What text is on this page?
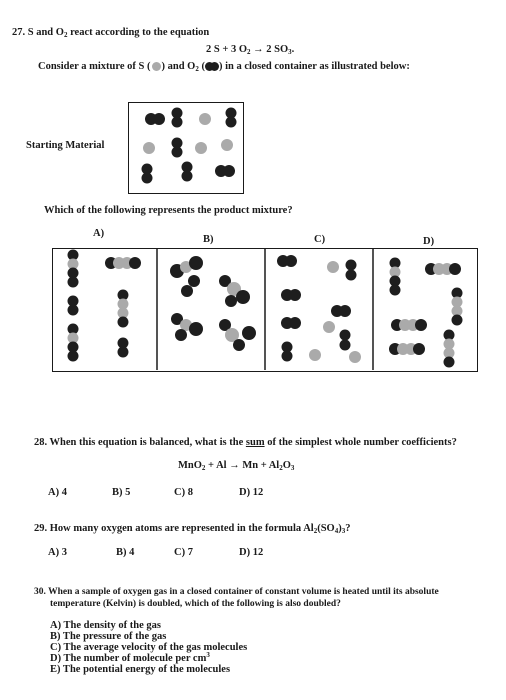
27. S and $O_2$ react according to the equation
2 S + 3 $O_2 \to 2$ $SO_3$.
Consider a mixture of S ( ) and $O_2$ ( ) in a closed container as illustrated below:
Starting Material
Which of the following represents the product mixture?
A)
B)	C)	D)
28. When this equation is balanced, what is the sum of the simplest whole number coefficients?
$MnO_2 + Al \to Mn + Al_2O_3$
A) 4	B) 5	C) 8	D) 12
29. How many oxygen atoms are represented in the formula $Al_2(SO_4)_3$?
A) 3	B) 4	C) 7	D) 12
30. When a sample of oxygen gas in a closed container of constant volume is heated until its absolute
temperature (Kelvin) is doubled, which of the following is also doubled?
A) The density of the gas
B) The pressure of the gas
C) The average velocity of the gas molecules
D) The number of molecule per $cm^3$
E) The potential energy of the molecules
